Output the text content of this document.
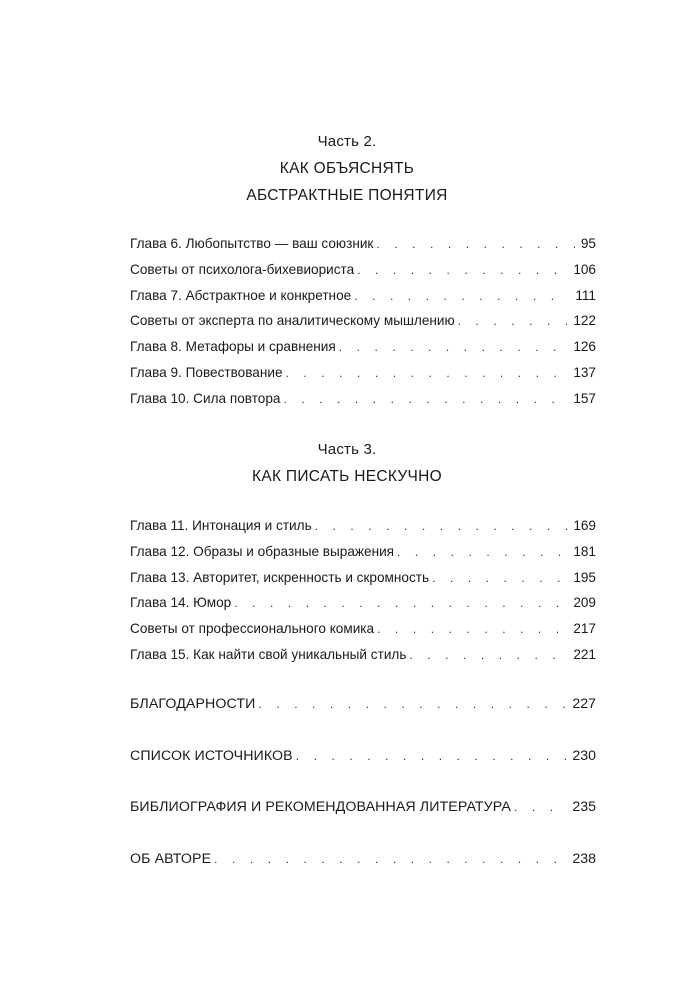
Часть 2.
КАК ОБЪЯСНЯТЬ
АБСТРАКТНЫЕ ПОНЯТИЯ
Глава 6. Любопытство — ваш союзник . . .	95
Советы от психолога-бихевиориста . . .	106
Глава 7. Абстрактное и конкретное . . .	111
Советы от эксперта по аналитическому мышлению . . .	122
Глава 8. Метафоры и сравнения . . .	126
Глава 9. Повествование . . .	137
Глава 10. Сила повтора . . .	157
Часть 3.
КАК ПИСАТЬ НЕСКУЧНО
Глава 11. Интонация и стиль . . .	169
Глава 12. Образы и образные выражения . . .	181
Глава 13. Авторитет, искренность и скромность . . .	195
Глава 14. Юмор . . .	209
Советы от профессионального комика . . .	217
Глава 15. Как найти свой уникальный стиль . . .	221
БЛАГОДАРНОСТИ . . .	227
СПИСОК ИСТОЧНИКОВ . . .	230
БИБЛИОГРАФИЯ И РЕКОМЕНДОВАННАЯ ЛИТЕРАТУРА . . .	235
ОБ АВТОРЕ . . .	238
